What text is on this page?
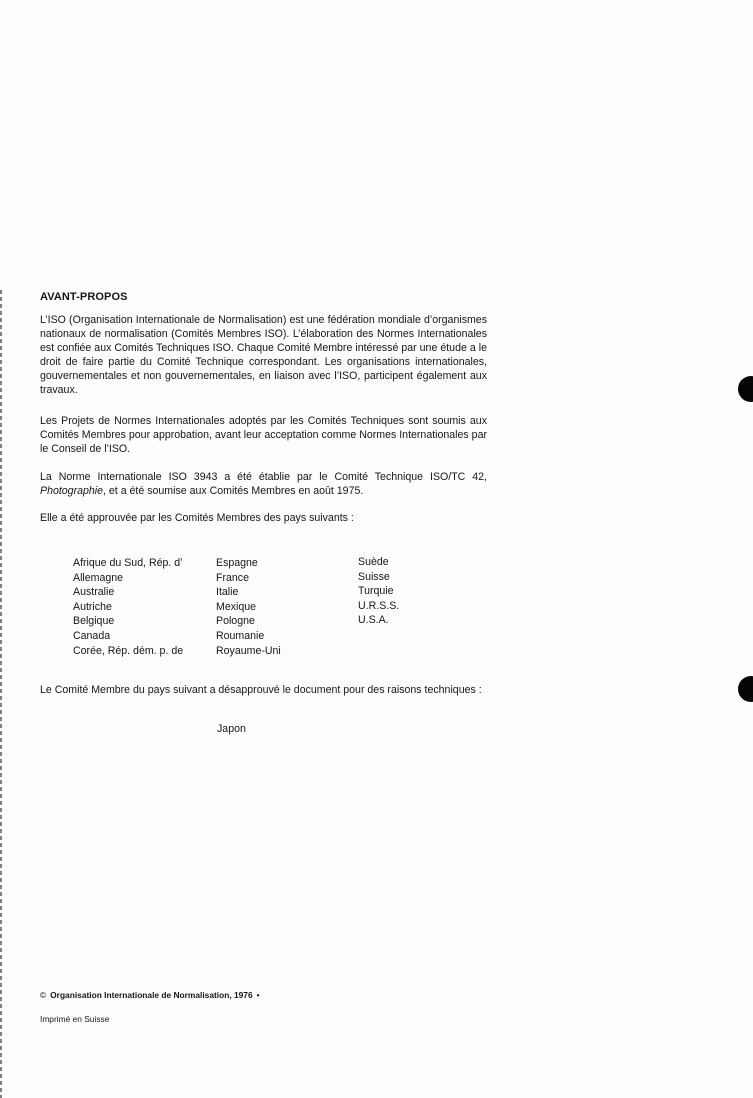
AVANT-PROPOS

L’ISO (Organisation Internationale de Normalisation) est une fédération mondiale d’organismes nationaux de normalisation (Comités Membres ISO). L’élaboration des Normes Internationales est confiée aux Comités Techniques ISO. Chaque Comité Membre intéressé par une étude a le droit de faire partie du Comité Technique correspondant. Les organisations internationales, gouvernementales et non gouvernementales, en liaison avec l’ISO, participent également aux travaux.

Les Projets de Normes Internationales adoptés par les Comités Techniques sont soumis aux Comités Membres pour approbation, avant leur acceptation comme Normes Internationales par le Conseil de l’ISO.

La Norme Internationale ISO 3943 a été établie par le Comité Technique ISO/TC 42, Photographie, et a été soumise aux Comités Membres en août 1975.

Elle a été approuvée par les Comités Membres des pays suivants :

Afrique du Sud, Rép. d’
Allemagne
Australie
Autriche
Belgique
Canada
Corée, Rép. dém. p. de
Espagne
France
Italie
Mexique
Pologne
Roumanie
Royaume-Uni
Suède
Suisse
Turquie
U.R.S.S.
U.S.A.

Le Comité Membre du pays suivant a désapprouvé le document pour des raisons techniques :

Japon
© Organisation Internationale de Normalisation, 1976 •
Imprimé en Suisse
